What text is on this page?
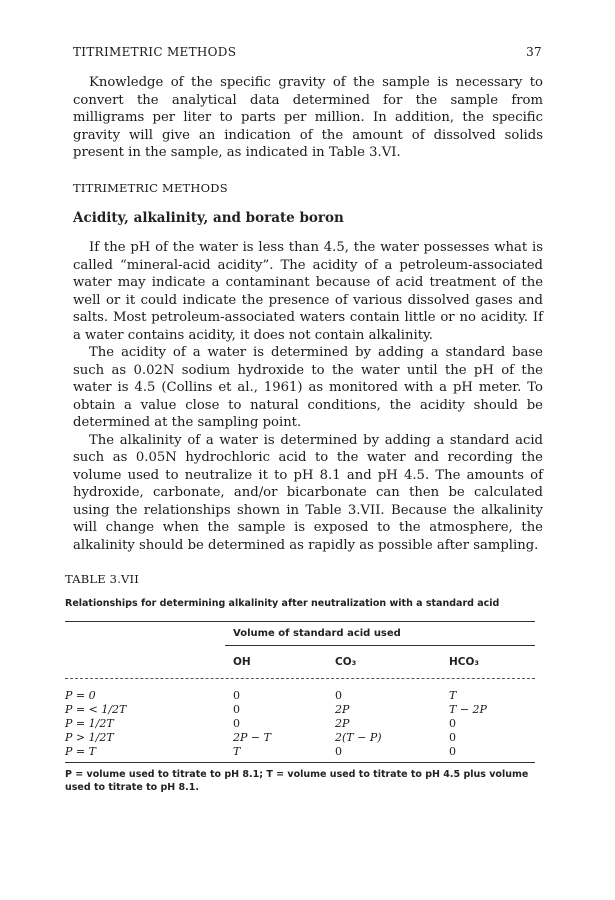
TITRIMETRIC METHODS	37

Knowledge of the specific gravity of the sample is necessary to convert the analytical data determined for the sample from milligrams per liter to parts per million. In addition, the specific gravity will give an indication of the amount of dissolved solids present in the sample, as indicated in Table 3.VI.

TITRIMETRIC METHODS
Acidity, alkalinity, and borate boron

If the pH of the water is less than 4.5, the water possesses what is called “mineral-acid acidity”. The acidity of a petroleum-associated water may indicate a contaminant because of acid treatment of the well or it could indicate the presence of various dissolved gases and salts. Most petroleum-associated waters contain little or no acidity. If a water contains acidity, it does not contain alkalinity.

The acidity of a water is determined by adding a standard base such as 0.02N sodium hydroxide to the water until the pH of the water is 4.5 (Collins et al., 1961) as monitored with a pH meter. To obtain a value close to natural conditions, the acidity should be determined at the sampling point.

The alkalinity of a water is determined by adding a standard acid such as 0.05N hydrochloric acid to the water and recording the volume used to neutralize it to pH 8.1 and pH 4.5. The amounts of hydroxide, carbonate, and/or bicarbonate can then be calculated using the relationships shown in Table 3.VII. Because the alkalinity will change when the sample is exposed to the atmosphere, the alkalinity should be determined as rapidly as possible after sampling.

TABLE 3.VII
Relationships for determining alkalinity after neutralization with a standard acid
Volume of standard acid used
OH	CO₃	HCO₃
P = 0	0	0	T
P = < 1/2T	0	2P	T − 2P
P = 1/2T	0	2P	0
P > 1/2T	2P − T	2(T − P)	0
P = T	T	0	0
P = volume used to titrate to pH 8.1; T = volume used to titrate to pH 4.5 plus volume used to titrate to pH 8.1.
